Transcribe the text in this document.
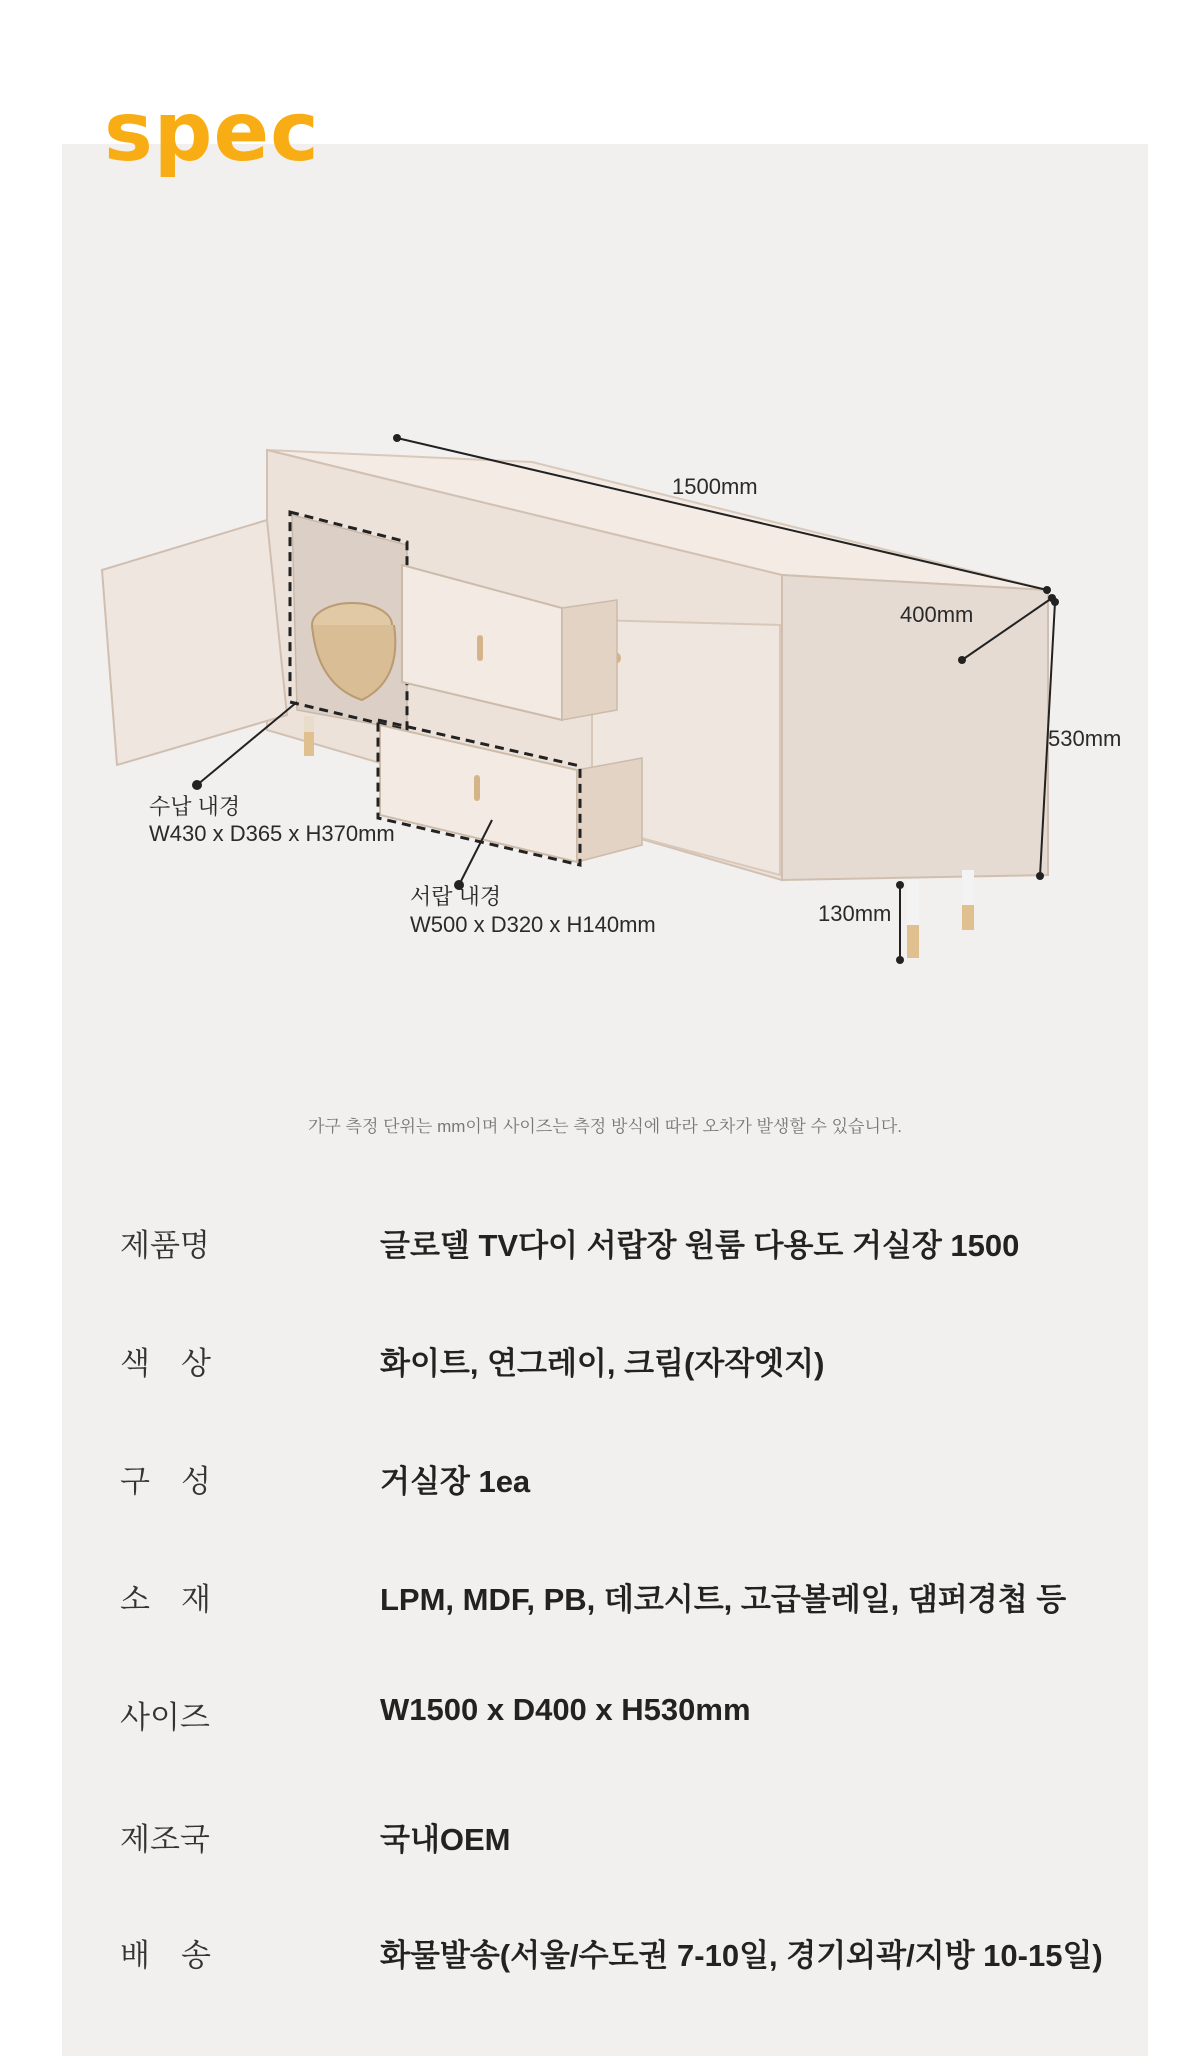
spec
1500mm
400mm
530mm
130mm
수납 내경
W430 x D365 x H370mm
서랍 내경
W500 x D320 x H140mm
가구 측정 단위는 mm이며 사이즈는 측정 방식에 따라 오차가 발생할 수 있습니다.
제품명	글로델 TV다이 서랍장 원룸 다용도 거실장 1500
색　상	화이트, 연그레이, 크림(자작엣지)
구　성	거실장 1ea
소　재	LPM, MDF, PB, 데코시트, 고급볼레일, 댐퍼경첩 등
사이즈	W1500 x D400 x H530mm
제조국	국내OEM
배　송	화물발송(서울/수도권 7-10일, 경기외곽/지방 10-15일)
